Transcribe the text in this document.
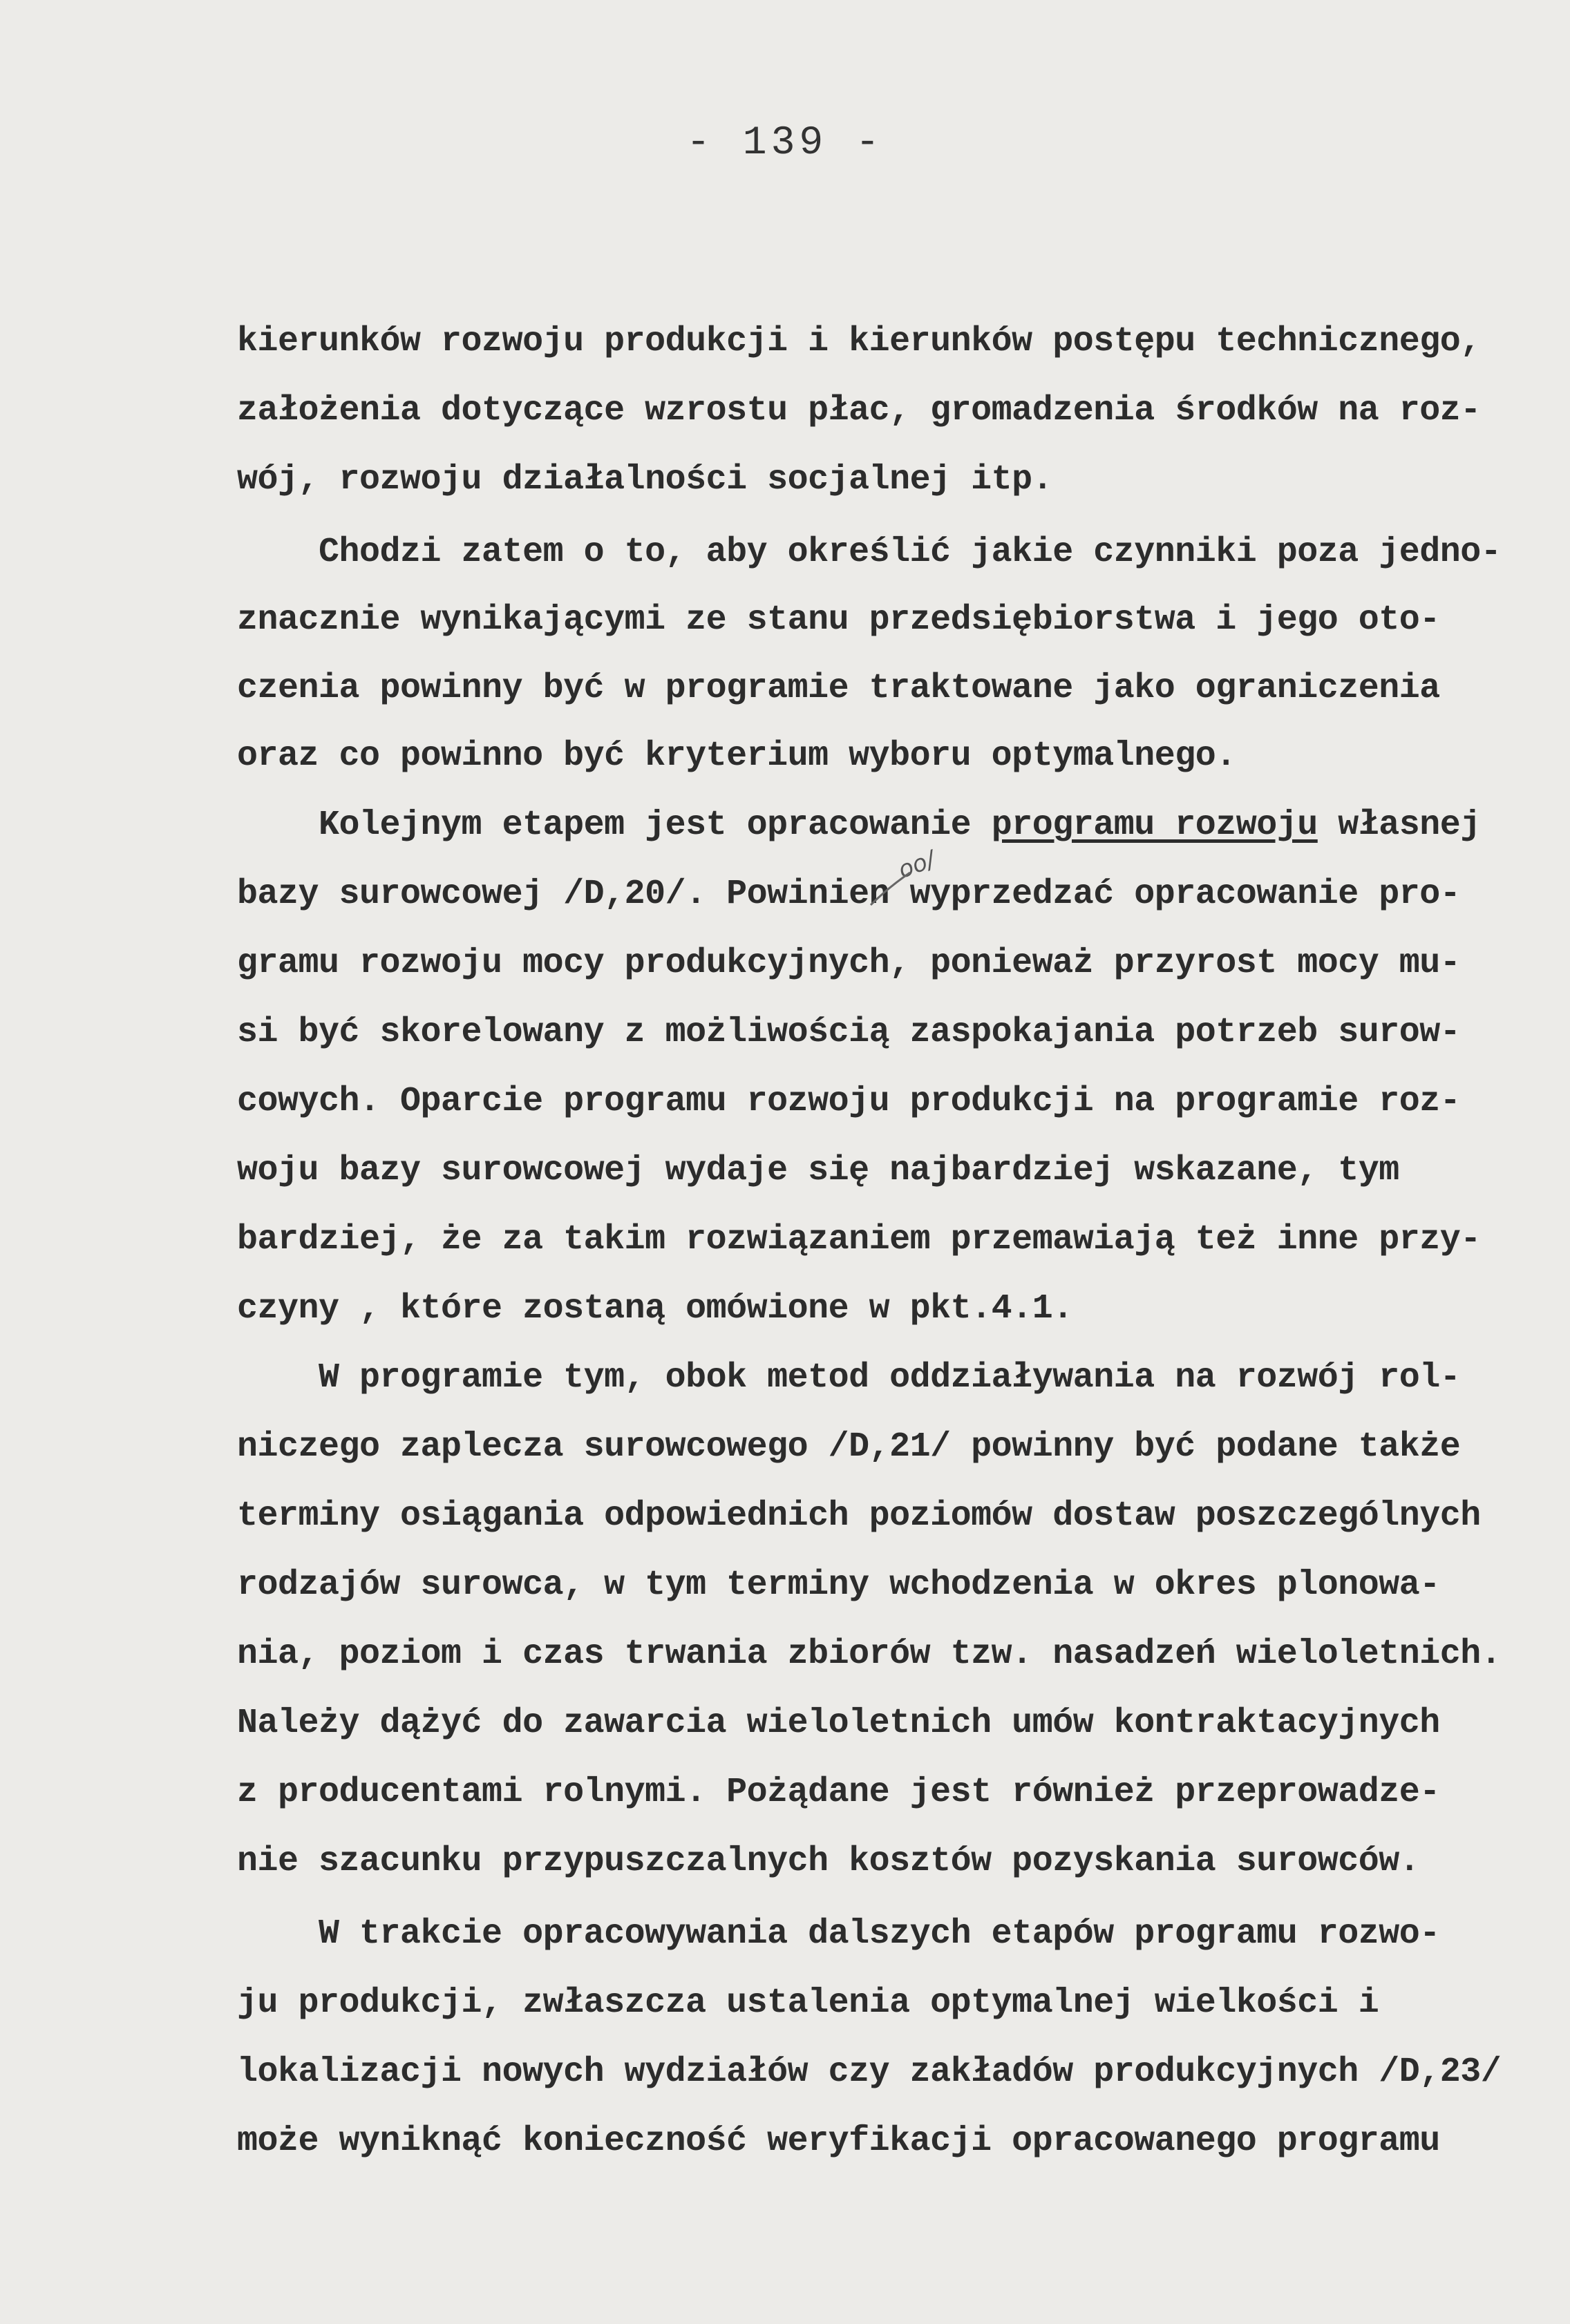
- 139 -
kierunków rozwoju produkcji i kierunków postępu technicznego,
założenia dotyczące wzrostu płac, gromadzenia środków na roz-
wój, rozwoju działalności socjalnej itp.
Chodzi zatem o to, aby określić jakie czynniki poza jedno-
znacznie wynikającymi ze stanu przedsiębiorstwa i jego oto-
czenia powinny być w programie traktowane jako ograniczenia
oraz co powinno być kryterium wyboru optymalnego.
Kolejnym etapem jest opracowanie programu rozwoju własnej
bazy surowcowej /D,20/. Powinien wyprzedzać opracowanie pro-
gramu rozwoju mocy produkcyjnych, ponieważ przyrost mocy mu-
si być skorelowany z możliwością zaspokajania potrzeb surow-
cowych. Oparcie programu rozwoju produkcji na programie roz-
woju bazy surowcowej wydaje się najbardziej wskazane, tym
bardziej, że za takim rozwiązaniem przemawiają też inne przy-
czyny , które zostaną omówione w pkt.4.1.
W programie tym, obok metod oddziaływania na rozwój rol-
niczego zaplecza surowcowego /D,21/ powinny być podane także
terminy osiągania odpowiednich poziomów dostaw poszczególnych
rodzajów surowca, w tym terminy wchodzenia w okres plonowa-
nia, poziom i czas trwania zbiorów tzw. nasadzeń wieloletnich.
Należy dążyć do zawarcia wieloletnich umów kontraktacyjnych
z producentami rolnymi. Pożądane jest również przeprowadze-
nie szacunku przypuszczalnych kosztów pozyskania surowców.
W trakcie opracowywania dalszych etapów programu rozwo-
ju produkcji, zwłaszcza ustalenia optymalnej wielkości i
lokalizacji nowych wydziałów czy zakładów produkcyjnych /D,23/
może wyniknąć konieczność weryfikacji opracowanego programu
oo/
